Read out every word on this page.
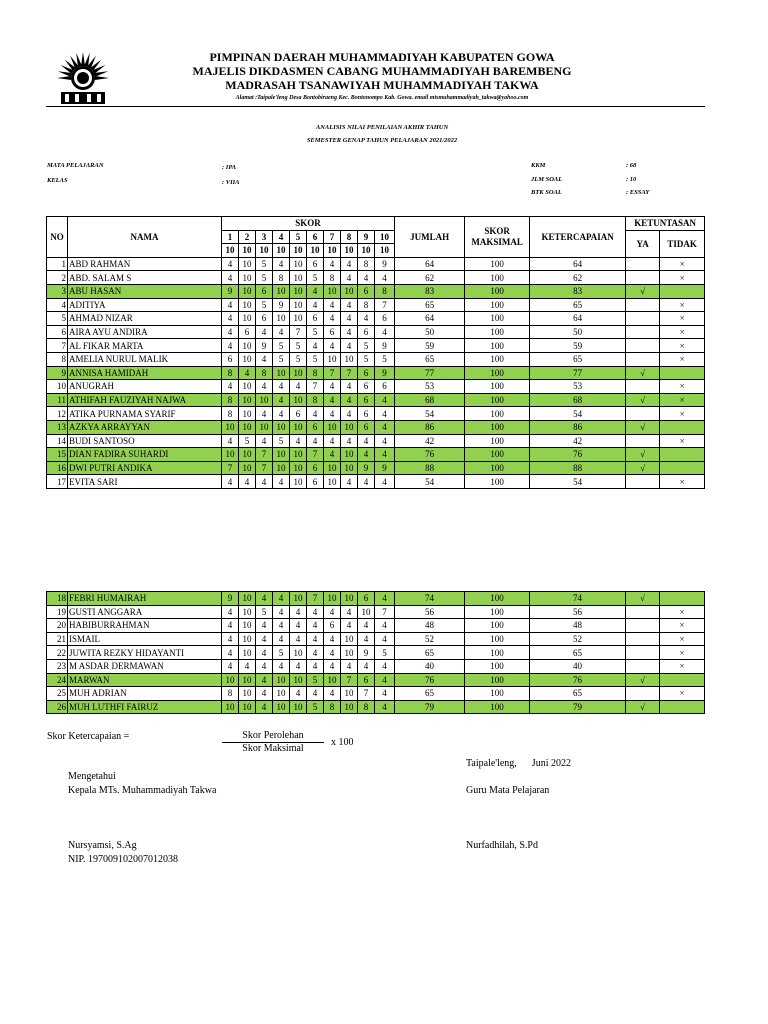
PIMPINAN DAERAH MUHAMMADIYAH KABUPATEN GOWA
MAJELIS DIKDASMEN CABANG MUHAMMADIYAH BAREMBENG
MADRASAH TSANAWIYAH MUHAMMADIYAH TAKWA
Alamat :Taipale'leng Desa Bontobiraeng Kec. Bontonompo Kab. Gowa. email mtsmuhammadiyah_takwa@yahoo.com
ANALISIS NILAI PENILAIAN AKHIR TAHUN
SEMESTER GENAP TAHUN PELAJARAN 2021/2022
MATA PELAJARAN	: IPA
KELAS	: VIIA
KKM	: 68
JLM SOAL	: 10
BTK SOAL	: ESSAY
NO	NAMA	SKOR										JUMLAH	SKOR MAKSIMAL	KETERCAPAIAN	KETUNTASAN	
		1	2	3	4	5	6	7	8	9	10				YA	TIDAK
		10	10	10	10	10	10	10	10	10	10					
1	ABD RAHMAN	4	10	5	4	10	6	4	4	8	9	64	100	64		×
2	ABD. SALAM S	4	10	5	8	10	5	8	4	4	4	62	100	62		×
3	ABU HASAN	9	10	6	10	10	4	10	10	6	8	83	100	83	√	
4	ADITIYA	4	10	5	9	10	4	4	4	8	7	65	100	65		×
5	AHMAD NIZAR	4	10	6	10	10	6	4	4	4	6	64	100	64		×
6	AIRA AYU ANDIRA	4	6	4	4	7	5	6	4	6	4	50	100	50		×
7	AL FIKAR MARTA	4	10	9	5	5	4	4	4	5	9	59	100	59		×
8	AMELIA NURUL MALIK	6	10	4	5	5	5	10	10	5	5	65	100	65		×
9	ANNISA HAMIDAH	8	4	8	10	10	8	7	7	6	9	77	100	77	√	
10	ANUGRAH	4	10	4	4	4	7	4	4	6	6	53	100	53		×
11	ATHIFAH FAUZIYAH NAJWA	8	10	10	4	10	8	4	4	6	4	68	100	68	√	×
12	ATIKA PURNAMA SYARIF	8	10	4	4	6	4	4	4	6	4	54	100	54		×
13	AZKYA ARRAYYAN	10	10	10	10	10	6	10	10	6	4	86	100	86	√	
14	BUDI SANTOSO	4	5	4	5	4	4	4	4	4	4	42	100	42		×
15	DIAN FADIRA SUHARDI	10	10	7	10	10	7	4	10	4	4	76	100	76	√	
16	DWI PUTRI ANDIKA	7	10	7	10	10	6	10	10	9	9	88	100	88	√	
17	EVITA SARI	4	4	4	4	10	6	10	4	4	4	54	100	54		×
18	FEBRI HUMAIRAH	9	10	4	4	10	7	10	10	6	4	74	100	74	√	
19	GUSTI ANGGARA	4	10	5	4	4	4	4	4	10	7	56	100	56		×
20	HABIBURRAHMAN	4	10	4	4	4	4	6	4	4	4	48	100	48		×
21	ISMAIL	4	10	4	4	4	4	4	10	4	4	52	100	52		×
22	JUWITA REZKY HIDAYANTI	4	10	4	5	10	4	4	10	9	5	65	100	65		×
23	M ASDAR DERMAWAN	4	4	4	4	4	4	4	4	4	4	40	100	40		×
24	MARWAN	10	10	4	10	10	5	10	7	6	4	76	100	76	√	
25	MUH ADRIAN	8	10	4	10	4	4	4	10	7	4	65	100	65		×
26	MUH LUTHFI FAIRUZ	10	10	4	10	10	5	8	10	8	4	79	100	79	√	
Skor Ketercapaian =	Skor Perolehan
Skor Maksimal
x 100
Taipale'leng,      Juni 2022
Mengetahui
Kepala MTs. Muhammadiyah Takwa	Guru Mata Pelajaran
Nursyamsi, S.Ag
NIP. 197009102007012038
Nurfadhilah, S.Pd
